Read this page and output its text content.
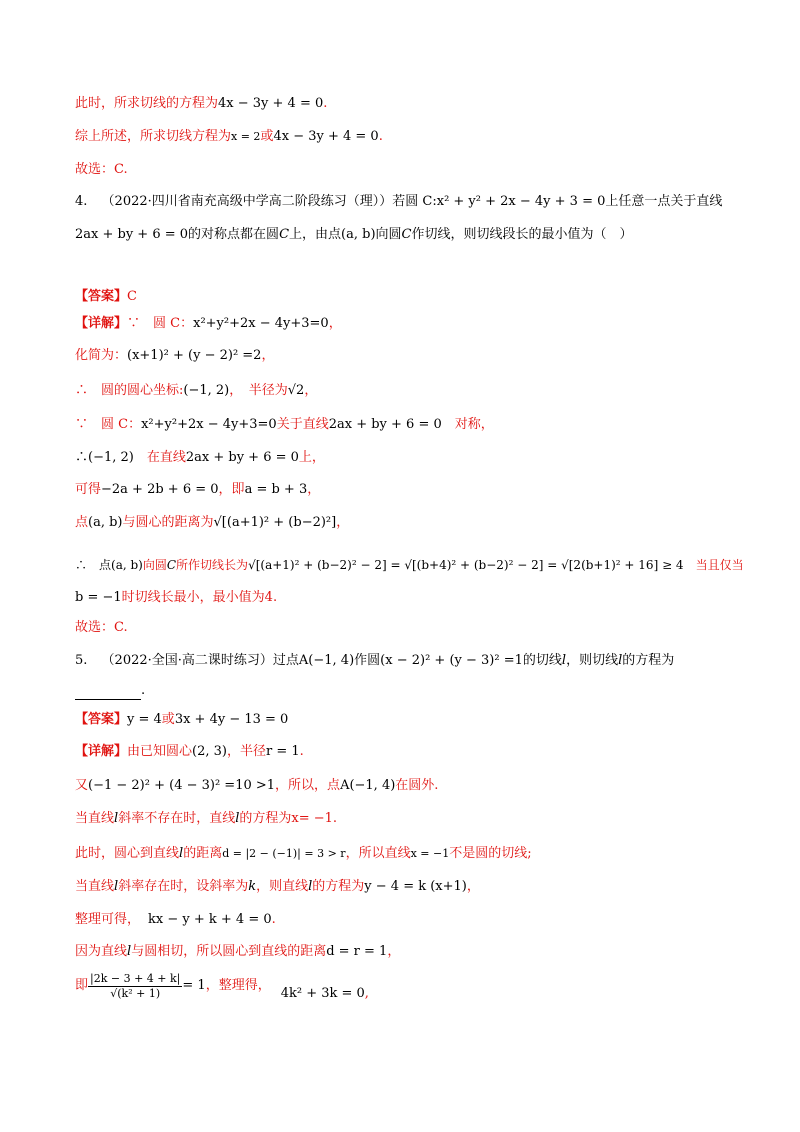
此时，所求切线的方程为4x − 3y + 4 = 0.
综上所述，所求切线方程为x = 2或4x − 3y + 4 = 0.
故选：C.
4. （2022·四川省南充高级中学高二阶段练习（理））若圆 C:x² + y² + 2x − 4y + 3 = 0上任意一点关于直线
2ax + by + 6 = 0的对称点都在圆C上，由点(a, b)向圆C作切线，则切线段长的最小值为（　）
【答案】C
【详解】∵　圆 C：x²+y²+2x − 4y+3=0，
化简为：(x+1)² + (y − 2)² =2，
∴　圆的圆心坐标:(−1, 2)，　半径为√2，
∵　圆 C：x²+y²+2x − 4y+3=0关于直线2ax + by + 6 = 0　对称，
∴(−1, 2)　在直线2ax + by + 6 = 0上，
可得−2a + 2b + 6 = 0，即a = b + 3，
点(a, b)与圆心的距离为√[(a+1)² + (b−2)²]，
∴　点(a, b)向圆C所作切线长为√[(a+1)² + (b−2)² − 2] = √[(b+4)² + (b−2)² − 2] = √[2(b+1)² + 16] ≥ 4　当且仅当
b = −1时切线长最小，最小值为4.
故选：C.
5. （2022·全国·高二课时练习）过点A(−1, 4)作圆(x − 2)² + (y − 3)² =1的切线l，则切线l的方程为
.
【答案】y = 4或3x + 4y − 13 = 0
【详解】由已知圆心(2, 3)，半径r = 1.
又(−1 − 2)² + (4 − 3)² =10 >1，所以，点A(−1, 4)在圆外.
当直线l斜率不存在时，直线l的方程为x= −1.
此时，圆心到直线l的距离d = |2 − (−1)| = 3 > r，所以直线x = −1不是圆的切线;
当直线l斜率存在时，设斜率为k，则直线l的方程为y − 4 = k (x+1)，
整理可得， kx − y + k + 4 = 0.
因为直线l与圆相切，所以圆心到直线的距离d = r = 1，
即 $\frac{|2k - 3 + 4 + k|}{\text{√(k² + 1)}} = 1$ ，整理得，
4k² + 3k = 0 ,
